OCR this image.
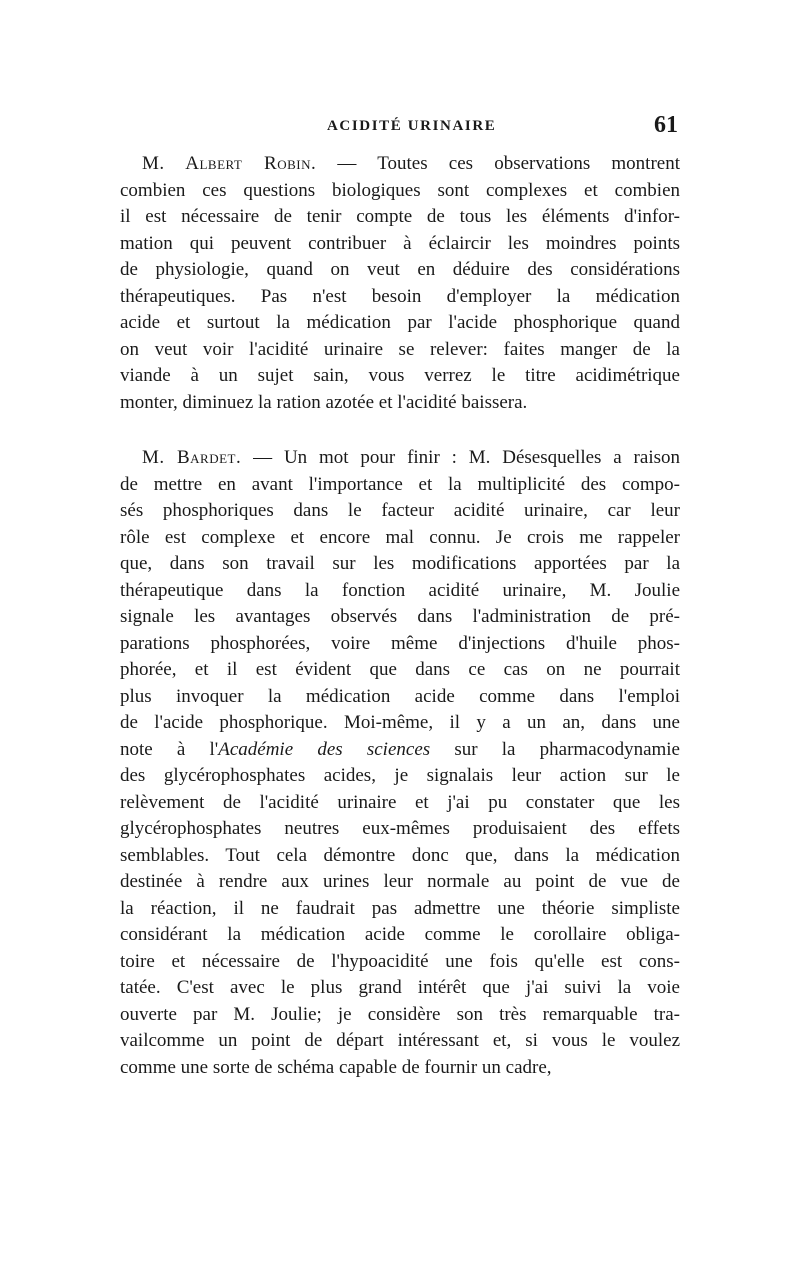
ACIDITÉ URINAIRE	61
M. Albert Robin. — Toutes ces observations montrent
combien ces questions biologiques sont complexes et combien
il est nécessaire de tenir compte de tous les éléments d'infor-
mation qui peuvent contribuer à éclaircir les moindres points
de physiologie, quand on veut en déduire des considérations
thérapeutiques. Pas n'est besoin d'employer la médication
acide et surtout la médication par l'acide phosphorique quand
on veut voir l'acidité urinaire se relever: faites manger de la
viande à un sujet sain, vous verrez le titre acidimétrique
monter, diminuez la ration azotée et l'acidité baissera.
M. Bardet. — Un mot pour finir : M. Désesquelles a raison
de mettre en avant l'importance et la multiplicité des compo-
sés phosphoriques dans le facteur acidité urinaire, car leur
rôle est complexe et encore mal connu. Je crois me rappeler
que, dans son travail sur les modifications apportées par la
thérapeutique dans la fonction acidité urinaire, M. Joulie
signale les avantages observés dans l'administration de pré-
parations phosphorées, voire même d'injections d'huile phos-
phorée, et il est évident que dans ce cas on ne pourrait
plus invoquer la médication acide comme dans l'emploi
de l'acide phosphorique. Moi-même, il y a un an, dans une
note à l'Académie des sciences sur la pharmacodynamie
des glycérophosphates acides, je signalais leur action sur le
relèvement de l'acidité urinaire et j'ai pu constater que les
glycérophosphates neutres eux-mêmes produisaient des effets
semblables. Tout cela démontre donc que, dans la médication
destinée à rendre aux urines leur normale au point de vue de
la réaction, il ne faudrait pas admettre une théorie simpliste
considérant la médication acide comme le corollaire obliga-
toire et nécessaire de l'hypoacidité une fois qu'elle est cons-
tatée. C'est avec le plus grand intérêt que j'ai suivi la voie
ouverte par M. Joulie; je considère son très remarquable tra-
vailcomme un point de départ intéressant et, si vous le voulez
comme une sorte de schéma capable de fournir un cadre,
